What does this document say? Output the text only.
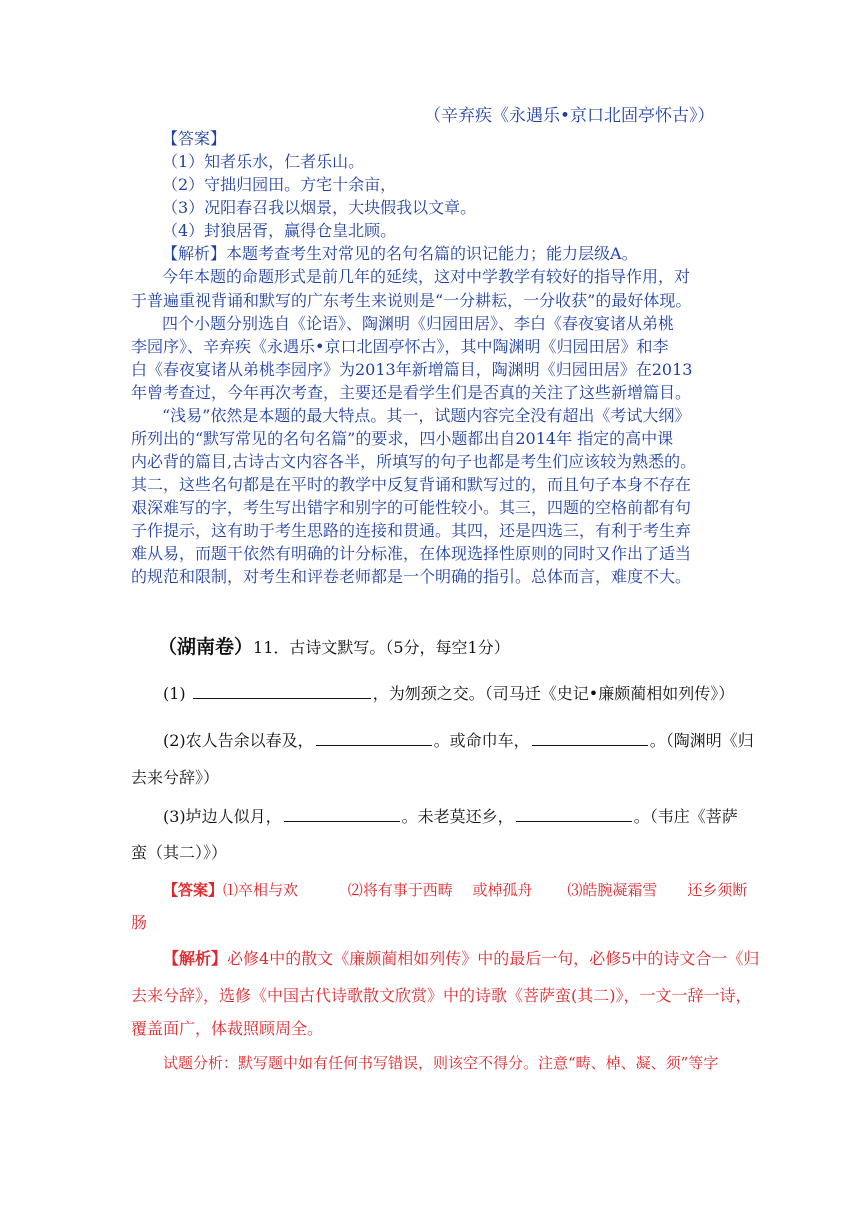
（辛弃疾《永遇乐•京口北固亭怀古》）
【答案】
（1）知者乐水，仁者乐山。
（2）守拙归园田。方宅十余亩，
（3）况阳春召我以烟景，大块假我以文章。
（4）封狼居胥，赢得仓皇北顾。
【解析】本题考查考生对常见的名句名篇的识记能力；能力层级A。
今年本题的命题形式是前几年的延续，这对中学教学有较好的指导作用，对
于普遍重视背诵和默写的广东考生来说则是“一分耕耘，一分收获”的最好体现。
四个小题分别选自《论语》、陶渊明《归园田居》、李白《春夜宴诸从弟桃
李园序》、辛弃疾《永遇乐•京口北固亭怀古》，其中陶渊明《归园田居》和李
白《春夜宴诸从弟桃李园序》为2013年新增篇目，陶渊明《归园田居》在2013
年曾考查过，今年再次考查，主要还是看学生们是否真的关注了这些新增篇目。
“浅易”依然是本题的最大特点。其一，试题内容完全没有超出《考试大纲》
所列出的“默写常见的名句名篇”的要求，四小题都出自2014年 指定的高中课
内必背的篇目,古诗古文内容各半，所填写的句子也都是考生们应该较为熟悉的。
其二，这些名句都是在平时的教学中反复背诵和默写过的，而且句子本身不存在
艰深难写的字，考生写出错字和别字的可能性较小。其三，四题的空格前都有句
子作提示，这有助于考生思路的连接和贯通。其四，还是四选三，有利于考生弃
难从易，而题干依然有明确的计分标准，在体现选择性原则的同时又作出了适当
的规范和限制，对考生和评卷老师都是一个明确的指引。总体而言，难度不大。
（湖南卷）11．古诗文默写。（5分，每空1分）
(1)	，为刎颈之交。（司马迁《史记•廉颇蔺相如列传》）
(2)农人告余以春及，	。或命巾车，	。（陶渊明《归
去来兮辞》）
(3)垆边人似月，	。未老莫还乡，	。（韦庄《菩萨
蛮（其二）》）
【答案】⑴卒相与欢 　　　⑵将有事于西畴　 或棹孤舟　 　⑶皓腕凝霜雪　　还乡须断
肠
【解析】必修4中的散文《廉颇蔺相如列传》中的最后一句，必修5中的诗文合一《归
去来兮辞》，选修《中国古代诗歌散文欣赏》中的诗歌《菩萨蛮(其二)》，一文一辞一诗，
覆盖面广，体裁照顾周全。
试题分析：默写题中如有任何书写错误，则该空不得分。注意“畴、棹、凝、须”等字
